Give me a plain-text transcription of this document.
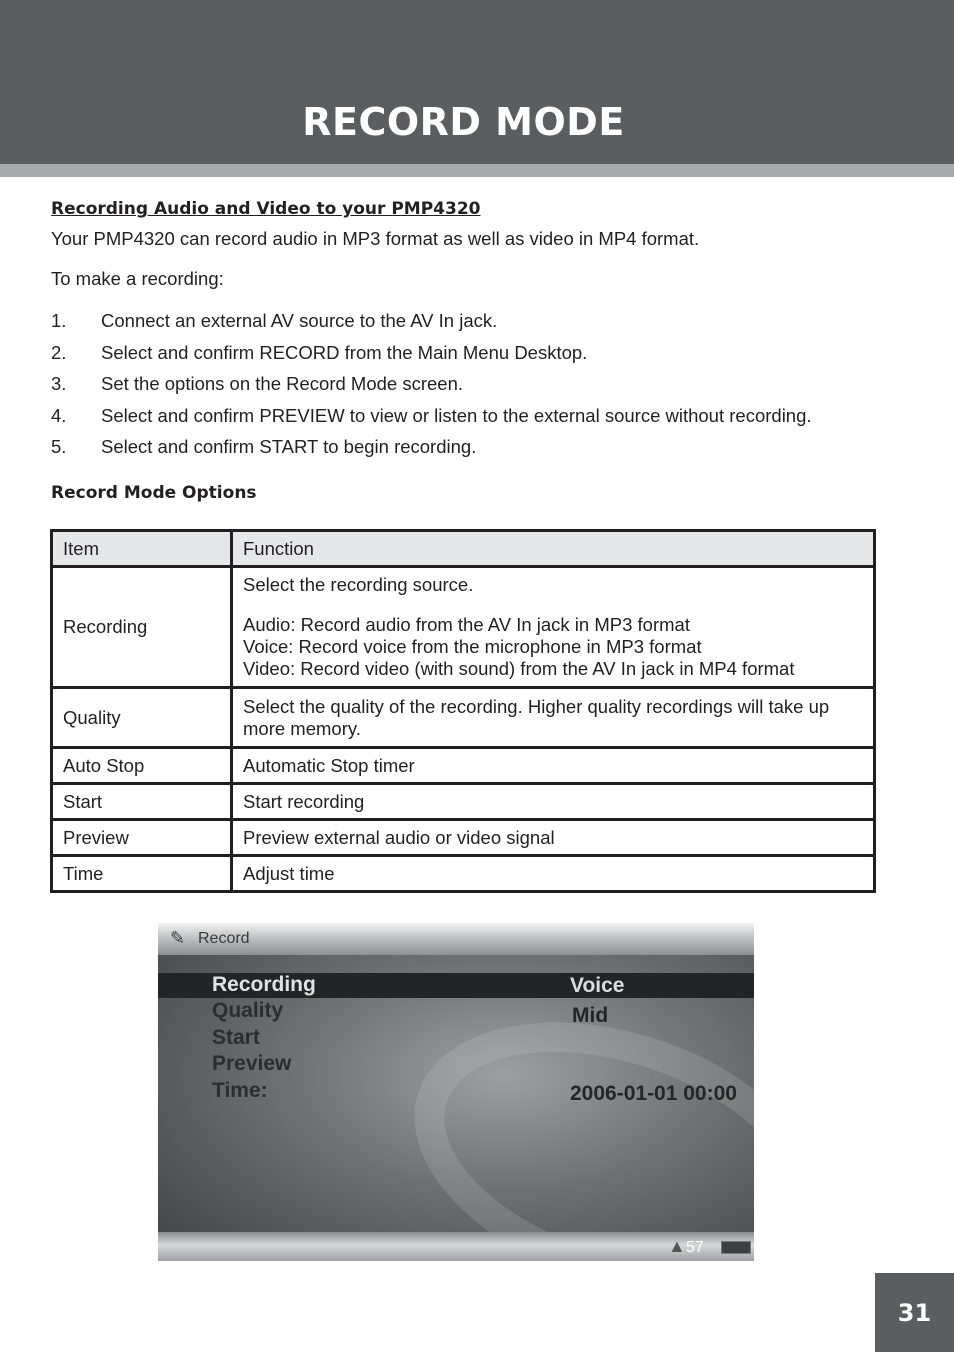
RECORD MODE
Recording Audio and Video to your PMP4320

Your PMP4320 can record audio in MP3 format as well as video in MP4 format.

To make a recording:

1.	Connect an external AV source to the AV In jack.
2.	Select and confirm RECORD from the Main Menu Desktop.
3.	Set the options on the Record Mode screen.
4.	Select and confirm PREVIEW to view or listen to the external source without recording.
5.	Select and confirm START to begin recording.
Record Mode Options
Item	Function
Recording	Select the recording source.
Audio: Record audio from the AV In jack in MP3 format
Voice: Record voice from the microphone in MP3 format
Video: Record video (with sound) from the AV In jack in MP4 format

Quality	Select the quality of the recording. Higher quality recordings will take up more memory.
Auto Stop	Automatic Stop timer
Start	Start recording
Preview	Preview external audio or video signal
Time	Adjust time
✎ Record
Recording	Voice
Quality	Mid
Start
Preview
Time:	2006-01-01 00:00
▲ 57
31
